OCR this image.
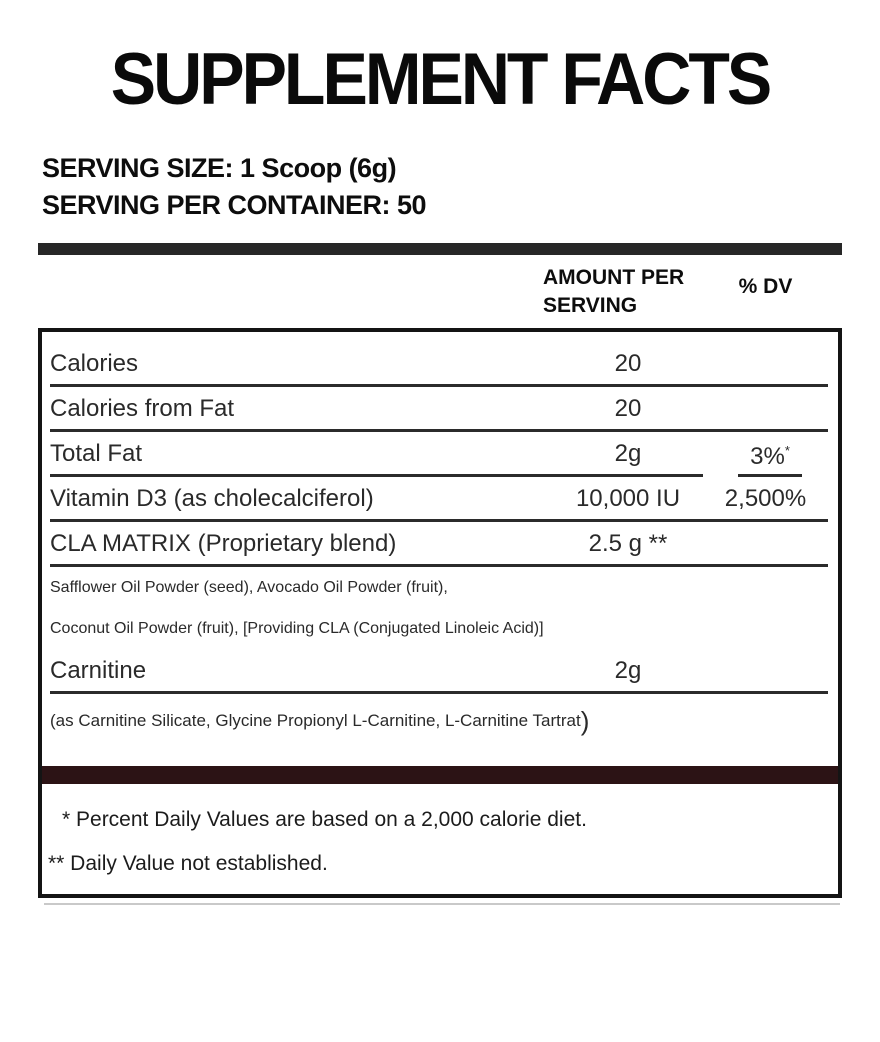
SUPPLEMENT FACTS
SERVING SIZE: 1 Scoop (6g)
SERVING PER CONTAINER: 50
AMOUNT PER
SERVING
% DV
Calories	20
Calories from Fat	20
Total Fat	2g	3%*
Vitamin D3 (as cholecalciferol)	10,000 IU	2,500%
CLA MATRIX (Proprietary blend)	2.5 g **
Safflower Oil Powder (seed), Avocado Oil Powder (fruit),
Coconut Oil Powder (fruit), [Providing CLA (Conjugated Linoleic Acid)]
Carnitine	2g
(as Carnitine Silicate, Glycine Propionyl L-Carnitine, L-Carnitine Tartrat )
* Percent Daily Values are based on a 2,000 calorie diet.
** Daily Value not established.
